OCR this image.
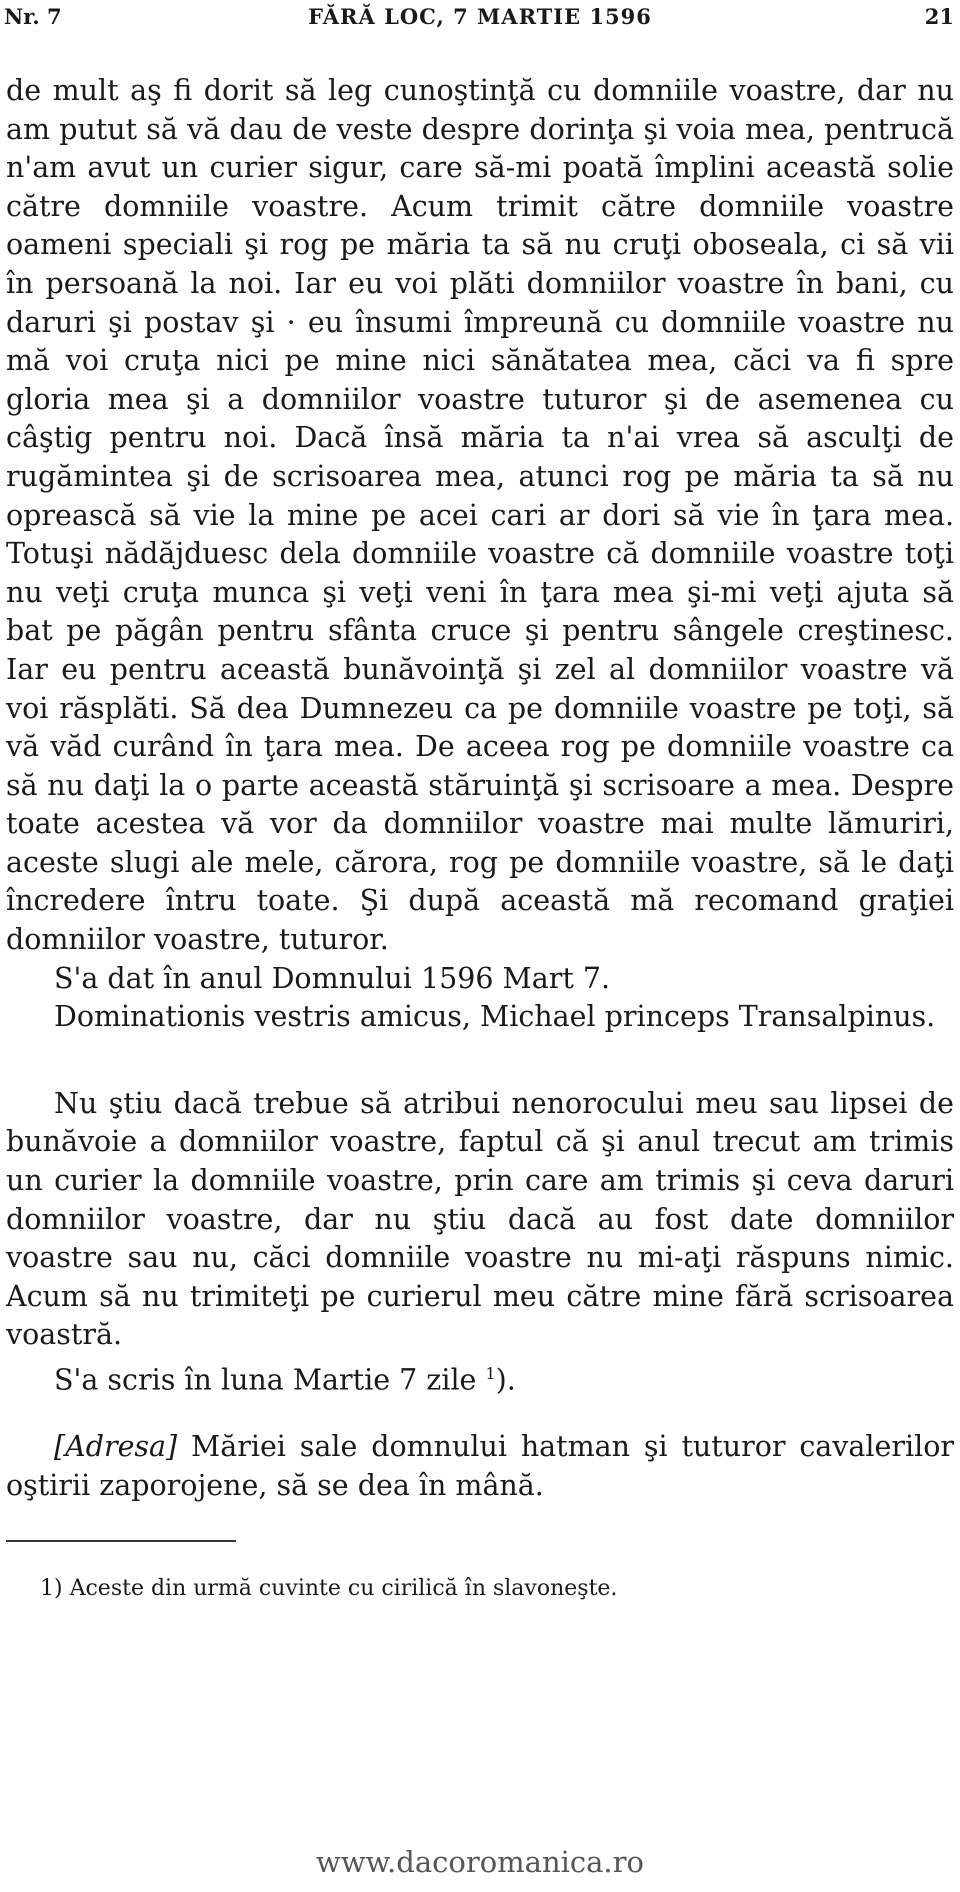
Nr. 7	FĂRĂ LOC, 7 MARTIE 1596	21

de mult aş fi dorit să leg cunoştinţă cu domniile voastre, dar nu am putut să vă dau de veste despre dorinţa şi voia mea, pentrucă n'am avut un curier sigur, care să-mi poată împlini această solie către domniile voastre. Acum trimit către domniile voastre oameni speciali şi rog pe măria ta să nu cruţi oboseala, ci să vii în persoană la noi. Iar eu voi plăti domniilor voastre în bani, cu daruri şi postav şi · eu însumi împreună cu domniile voastre nu mă voi cruţa nici pe mine nici sănătatea mea, căci va fi spre gloria mea şi a domniilor voastre tuturor şi de asemenea cu câştig pentru noi. Dacă însă măria ta n'ai vrea să asculţi de rugămintea şi de scrisoarea mea, atunci rog pe măria ta să nu oprească să vie la mine pe acei cari ar dori să vie în ţara mea. Totuşi nădăjduesc dela domniile voastre că domniile voastre toţi nu veţi cruţa munca şi veţi veni în ţara mea şi-mi veţi ajuta să bat pe păgân pentru sfânta cruce şi pentru sângele creştinesc. Iar eu pentru această bunăvoinţă şi zel al domniilor voastre vă voi răsplăti. Să dea Dumnezeu ca pe domniile voastre pe toţi, să vă văd curând în ţara mea. De aceea rog pe domniile voastre ca să nu daţi la o parte această stăruinţă şi scrisoare a mea. Despre toate acestea vă vor da domniilor voastre mai multe lămuriri, aceste slugi ale mele, cărora, rog pe domniile voastre, să le daţi încredere întru toate. Şi după această mă recomand graţiei domniilor voastre, tuturor.

S'a dat în anul Domnului 1596 Mart 7.

Dominationis vestris amicus, Michael princeps Transalpinus.

Nu ştiu dacă trebue să atribui nenorocului meu sau lipsei de bunăvoie a domniilor voastre, faptul că şi anul trecut am trimis un curier la domniile voastre, prin care am trimis şi ceva daruri domniilor voastre, dar nu ştiu dacă au fost date domniilor voastre sau nu, căci domniile voastre nu mi-aţi răspuns nimic. Acum să nu trimiteţi pe curierul meu către mine fără scrisoarea voastră.

S'a scris în luna Martie 7 zile $^1$).

[Adresa] Măriei sale domnului hatman şi tuturor cavalerilor oştirii zaporojene, să se dea în mână.

1) Aceste din urmă cuvinte cu cirilică în slavoneşte.
www.dacoromanica.ro
